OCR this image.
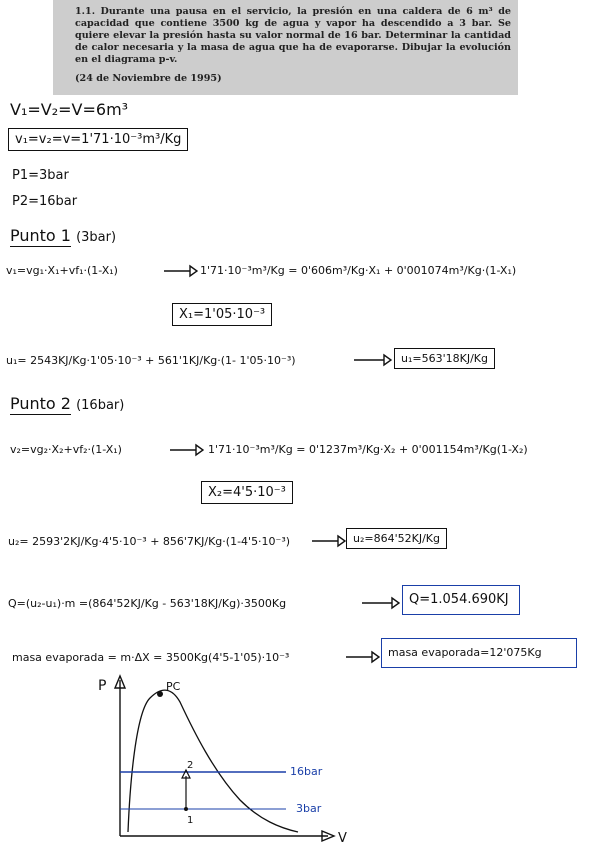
1.1. Durante una pausa en el servicio, la presión en una caldera de 6 m³ de capacidad que contiene 3500 kg de agua y vapor ha descendido a 3 bar. Se quiere elevar la presión hasta su valor normal de 16 bar. Determinar la cantidad de calor necesaria y la masa de agua que ha de evaporarse. Dibujar la evolución en el diagrama p-v.
(24 de Noviembre de 1995)
V₁=V₂=V=6m³
v₁=v₂=v=1'71·10⁻³m³/Kg
P1=3bar
P2=16bar
Punto 1 (3bar)
v₁=vg₁·X₁+vf₁·(1-X₁)	1'71·10⁻³m³/Kg = 0'606m³/Kg·X₁ + 0'001074m³/Kg·(1-X₁)
X₁=1'05·10⁻³
u₁= 2543KJ/Kg·1'05·10⁻³ + 561'1KJ/Kg·(1- 1'05·10⁻³)	u₁=563'18KJ/Kg
Punto 2 (16bar)
v₂=vg₂·X₂+vf₂·(1-X₁)	1'71·10⁻³m³/Kg = 0'1237m³/Kg·X₂ + 0'001154m³/Kg(1-X₂)
X₂=4'5·10⁻³
u₂= 2593'2KJ/Kg·4'5·10⁻³ + 856'7KJ/Kg·(1-4'5·10⁻³)	u₂=864'52KJ/Kg
Q=(u₂-u₁)·m =(864'52KJ/Kg - 563'18KJ/Kg)·3500Kg	Q=1.054.690KJ
masa evaporada = m·ΔX = 3500Kg(4'5-1'05)·10⁻³	masa evaporada=12'075Kg
P
V
PC
16bar
3bar
1
2
